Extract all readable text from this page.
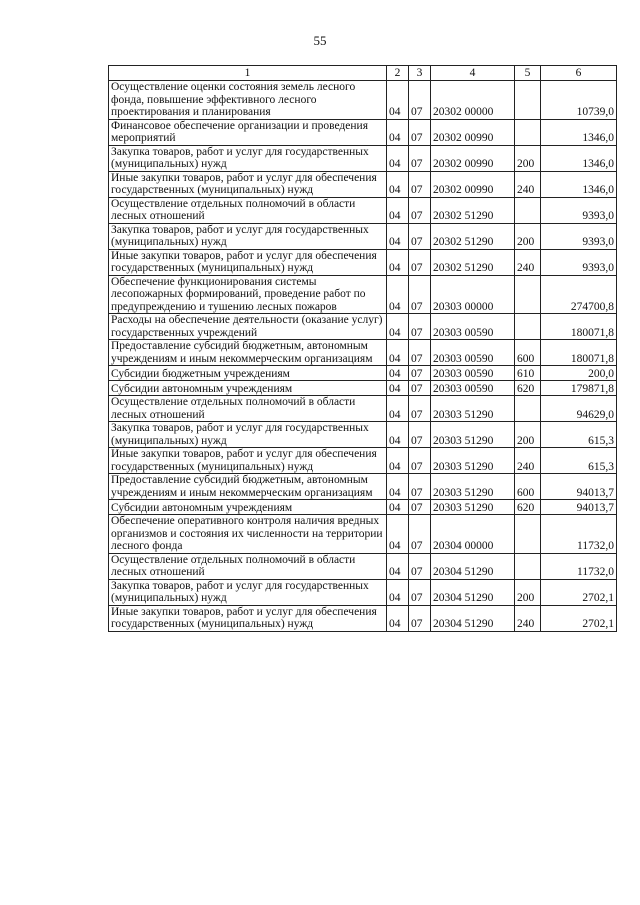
55
1	2	3	4	5	6
Осуществление оценки состояния земель лесного фонда, повышение эффективного лесного проектирования и планирования	04	07	20302 00000		10739,0
Финансовое обеспечение организации и проведения мероприятий	04	07	20302 00990		1346,0
Закупка товаров, работ и услуг для государственных (муниципальных) нужд	04	07	20302 00990	200	1346,0
Иные закупки товаров, работ и услуг для обеспечения государственных (муниципальных) нужд	04	07	20302 00990	240	1346,0
Осуществление отдельных полномочий в области лесных отношений	04	07	20302 51290		9393,0
Закупка товаров, работ и услуг для государственных (муниципальных) нужд	04	07	20302 51290	200	9393,0
Иные закупки товаров, работ и услуг для обеспечения государственных (муниципальных) нужд	04	07	20302 51290	240	9393,0
Обеспечение функционирования системы лесопожарных формирований, проведение работ по предупреждению и тушению лесных пожаров	04	07	20303 00000		274700,8
Расходы на обеспечение деятельности (оказание услуг) государственных учреждений	04	07	20303 00590		180071,8
Предоставление субсидий бюджетным, автономным учреждениям и иным некоммерческим организациям	04	07	20303 00590	600	180071,8
Субсидии бюджетным учреждениям	04	07	20303 00590	610	200,0
Субсидии автономным учреждениям	04	07	20303 00590	620	179871,8
Осуществление отдельных полномочий в области лесных отношений	04	07	20303 51290		94629,0
Закупка товаров, работ и услуг для государственных (муниципальных) нужд	04	07	20303 51290	200	615,3
Иные закупки товаров, работ и услуг для обеспечения государственных (муниципальных) нужд	04	07	20303 51290	240	615,3
Предоставление субсидий бюджетным, автономным учреждениям и иным некоммерческим организациям	04	07	20303 51290	600	94013,7
Субсидии автономным учреждениям	04	07	20303 51290	620	94013,7
Обеспечение оперативного контроля наличия вредных организмов и состояния их численности на территории лесного фонда	04	07	20304 00000		11732,0
Осуществление отдельных полномочий в области лесных отношений	04	07	20304 51290		11732,0
Закупка товаров, работ и услуг для государственных (муниципальных) нужд	04	07	20304 51290	200	2702,1
Иные закупки товаров, работ и услуг для обеспечения государственных (муниципальных) нужд	04	07	20304 51290	240	2702,1
